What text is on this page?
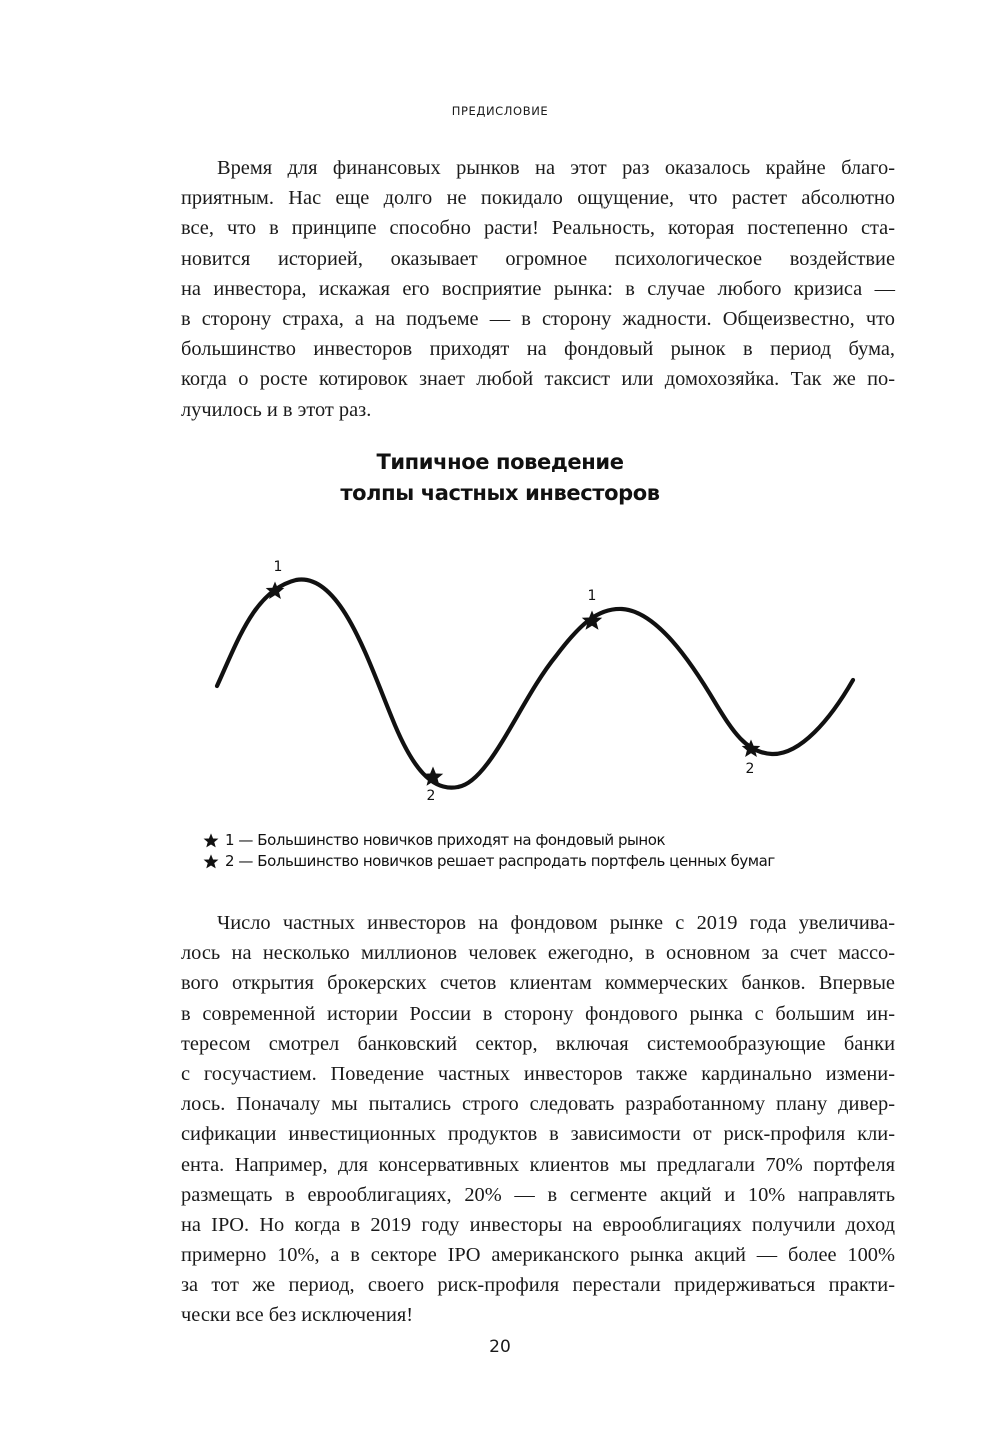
ПРЕДИСЛОВИЕ
Время для финансовых рынков на этот раз оказалось крайне благо-
приятным. Нас еще долго не покидало ощущение, что растет абсолютно
все, что в принципе способно расти! Реальность, которая постепенно ста-
новится историей, оказывает огромное психологическое воздействие
на инвестора, искажая его восприятие рынка: в случае любого кризиса —
в сторону страха, а на подъеме — в сторону жадности. Общеизвестно, что
большинство инвесторов приходят на фондовый рынок в период бума,
когда о росте котировок знает любой таксист или домохозяйка. Так же по-
лучилось и в этот раз.
Типичное поведение
толпы частных инвесторов
1
2
1
2
1 — Большинство новичков приходят на фондовый рынок
2 — Большинство новичков решает распродать портфель ценных бумаг
Число частных инвесторов на фондовом рынке с 2019 года увеличива-
лось на несколько миллионов человек ежегодно, в основном за счет массо-
вого открытия брокерских счетов клиентам коммерческих банков. Впервые
в современной истории России в сторону фондового рынка с большим ин-
тересом смотрел банковский сектор, включая системообразующие банки
с госучастием. Поведение частных инвесторов также кардинально измени-
лось. Поначалу мы пытались строго следовать разработанному плану дивер-
сификации инвестиционных продуктов в зависимости от риск-профиля кли-
ента. Например, для консервативных клиентов мы предлагали 70% портфеля
размещать в еврооблигациях, 20% — в сегменте акций и 10% направлять
на IPO. Но когда в 2019 году инвесторы на еврооблигациях получили доход
примерно 10%, а в секторе IPO американского рынка акций — более 100%
за тот же период, своего риск-профиля перестали придерживаться практи-
чески все без исключения!
20
